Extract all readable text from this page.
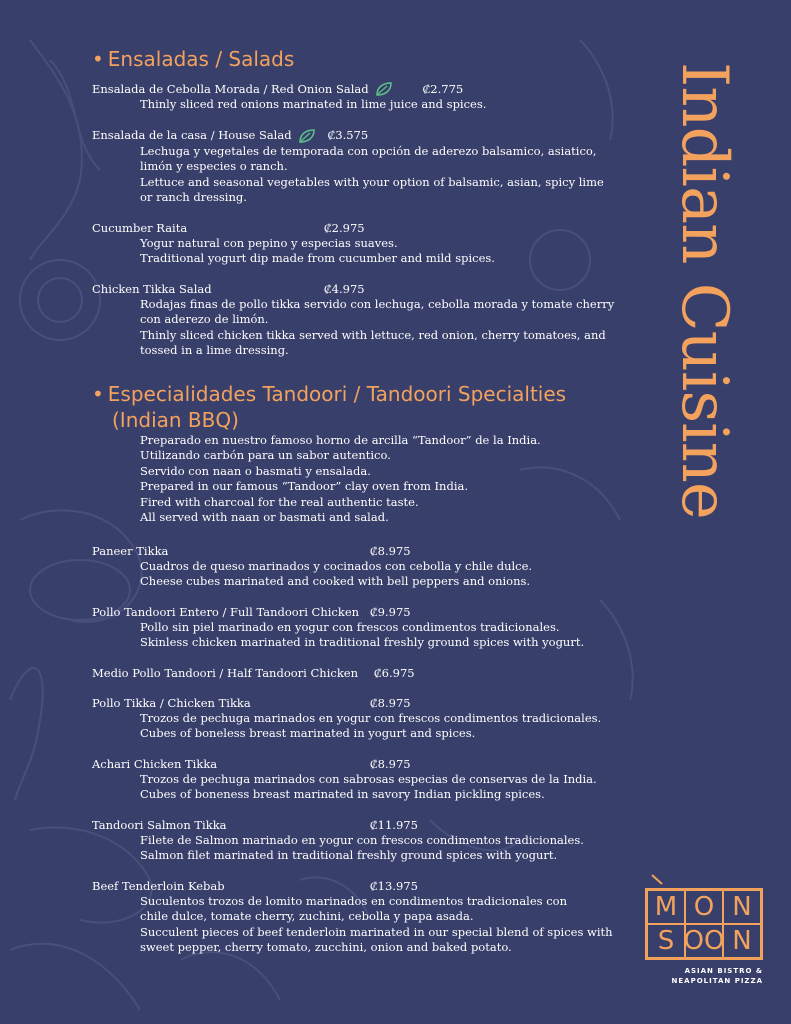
• Ensaladas / Salads
Ensalada de Cebolla Morada / Red Onion Salad	₡2.775
Thinly sliced red onions marinated in lime juice and spices.
Ensalada de la casa / House Salad	₡3.575
Lechuga y vegetales de temporada con opción de aderezo balsamico, asiatico,
limón y especies o ranch.
Lettuce and seasonal vegetables with your option of balsamic, asian, spicy lime
or ranch dressing.
Cucumber Raita	₡2.975
Yogur natural con pepino y especias suaves.
Traditional yogurt dip made from cucumber and mild spices.
Chicken Tikka Salad	₡4.975
Rodajas finas de pollo tikka servido con lechuga, cebolla morada y tomate cherry
con aderezo de limón.
Thinly sliced chicken tikka served with lettuce, red onion, cherry tomatoes, and
tossed in a lime dressing.
• Especialidades Tandoori / Tandoori Specialties
(Indian BBQ)
Preparado en nuestro famoso horno de arcilla “Tandoor” de la India.
Utilizando carbón para un sabor autentico.
Servido con naan o basmati y ensalada.
Prepared in our famous “Tandoor” clay oven from India.
Fired with charcoal for the real authentic taste.
All served with naan or basmati and salad.
Paneer Tikka	₡8.975
Cuadros de queso marinados y cocinados con cebolla y chile dulce.
Cheese cubes marinated and cooked with bell peppers and onions.
Pollo Tandoori Entero / Full Tandoori Chicken ₡9.975
Pollo sin piel marinado en yogur con frescos condimentos tradicionales.
Skinless chicken marinated in traditional freshly ground spices with yogurt.
Medio Pollo Tandoori / Half Tandoori Chicken	₡6.975
Pollo Tikka / Chicken Tikka	₡8.975
Trozos de pechuga marinados en yogur con frescos condimentos tradicionales.
Cubes of boneless breast marinated in yogurt and spices.
Achari Chicken Tikka	₡8.975
Trozos de pechuga marinados con sabrosas especias de conservas de la India.
Cubes of boneness breast marinated in savory Indian pickling spices.
Tandoori Salmon Tikka	₡11.975
Filete de Salmon marinado en yogur con frescos condimentos tradicionales.
Salmon filet marinated in traditional freshly ground spices with yogurt.
Beef Tenderloin Kebab	₡13.975
Suculentos trozos de lomito marinados en condimentos tradicionales con
chile dulce, tomate cherry, zuchini, cebolla y papa asada.
Succulent pieces of beef tenderloin marinated in our special blend of spices with
sweet pepper, cherry tomato, zucchini, onion and baked potato.
Indian Cuisine
M O N
S O O N
ASIAN BISTRO &
NEAPOLITAN PIZZA
